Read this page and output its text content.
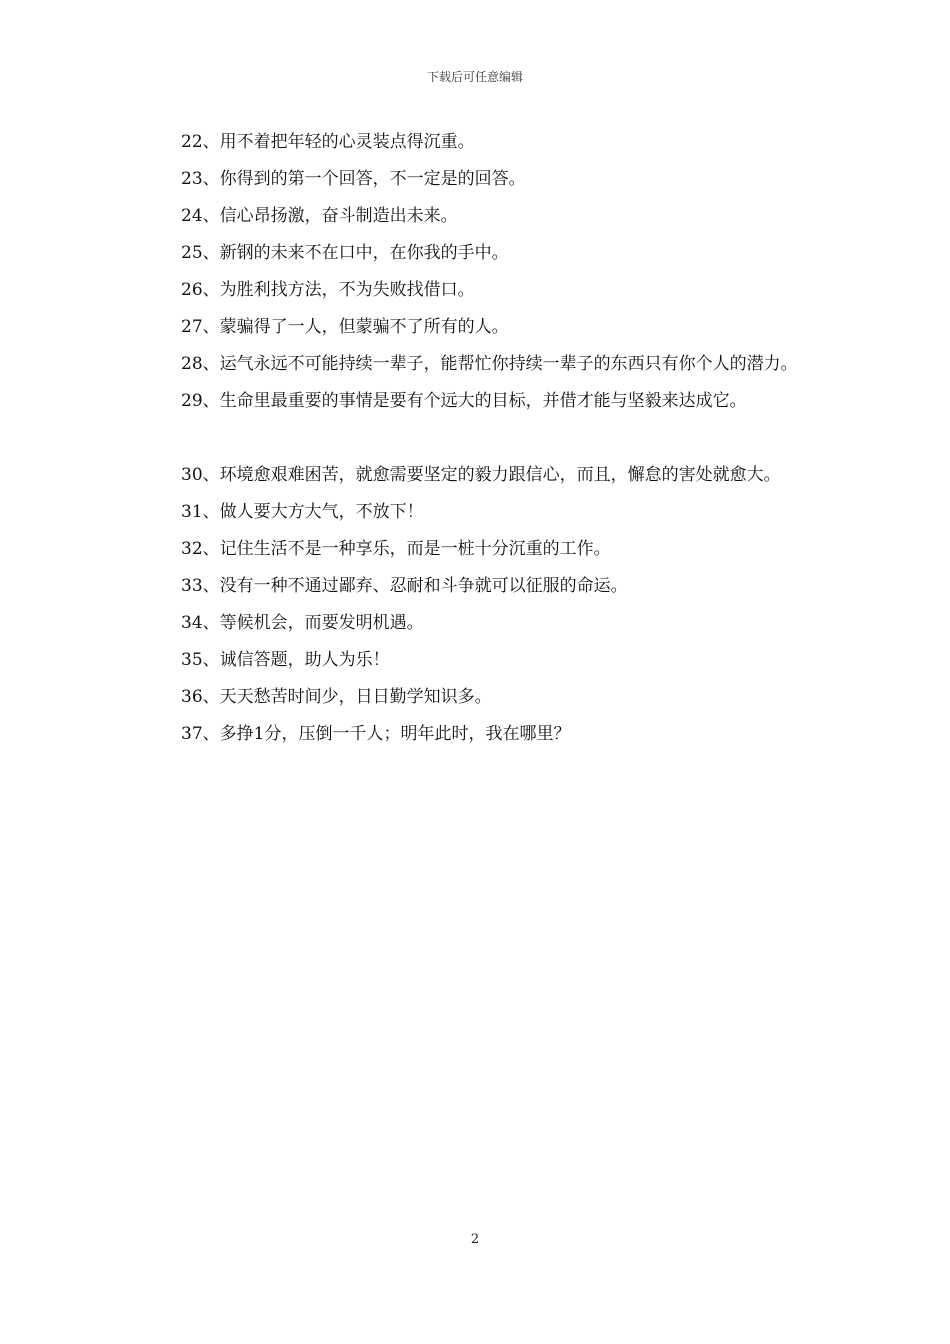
下载后可任意编辑

22、用不着把年轻的心灵装点得沉重。

23、你得到的第一个回答，不一定是的回答。

24、信心昂扬激，奋斗制造出未来。

25、新钢的未来不在口中，在你我的手中。

26、为胜利找方法，不为失败找借口。

27、蒙骗得了一人，但蒙骗不了所有的人。

28、运气永远不可能持续一辈子，能帮忙你持续一辈子的东西只有你个人的潜力。

29、生命里最重要的事情是要有个远大的目标，并借才能与坚毅来达成它。

30、环境愈艰难困苦，就愈需要坚定的毅力跟信心，而且，懈怠的害处就愈大。

31、做人要大方大气，不放下！

32、记住生活不是一种享乐，而是一桩十分沉重的工作。

33、没有一种不通过鄙弃、忍耐和斗争就可以征服的命运。

34、等候机会，而要发明机遇。

35、诚信答题，助人为乐！

36、天天愁苦时间少，日日勤学知识多。

37、多挣1分，压倒一千人；明年此时，我在哪里？

2
